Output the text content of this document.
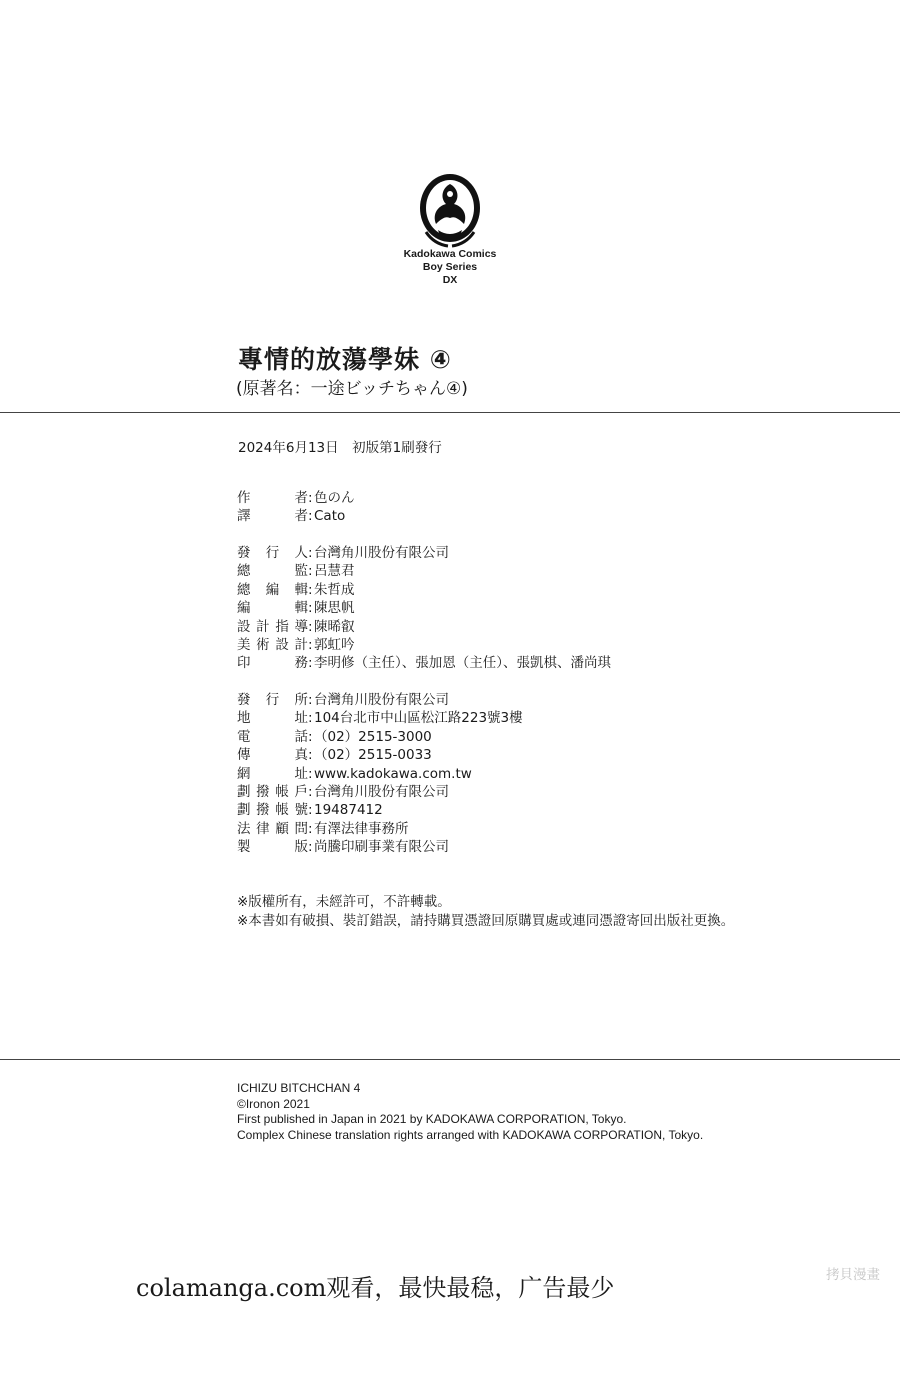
Kadokawa Comics
Boy Series
DX
專情的放蕩學妹 ④
(原著名：一途ビッチちゃん④)
2024年6月13日　初版第1刷發行
作者:色のん
譯者:Cato
發行人:台灣角川股份有限公司
總監:呂慧君
總編輯:朱哲成
編輯:陳思帆
設計指導:陳晞叡
美術設計:郭虹吟
印務:李明修（主任）、張加恩（主任）、張凱棋、潘尚琪
發行所:台灣角川股份有限公司
地址:104台北市中山區松江路223號3樓
電話:（02）2515-3000
傳真:（02）2515-0033
網址:www.kadokawa.com.tw
劃撥帳戶:台灣角川股份有限公司
劃撥帳號:19487412
法律顧問:有澤法律事務所
製版:尚騰印刷事業有限公司
※版權所有，未經許可，不許轉載。
※本書如有破損、裝訂錯誤，請持購買憑證回原購買處或連同憑證寄回出版社更換。
ICHIZU BITCHCHAN 4
©Ironon 2021
First published in Japan in 2021 by KADOKAWA CORPORATION, Tokyo.
Complex Chinese translation rights arranged with KADOKAWA CORPORATION, Tokyo.
colamanga.com观看，最快最稳，广告最少	拷貝漫畫
